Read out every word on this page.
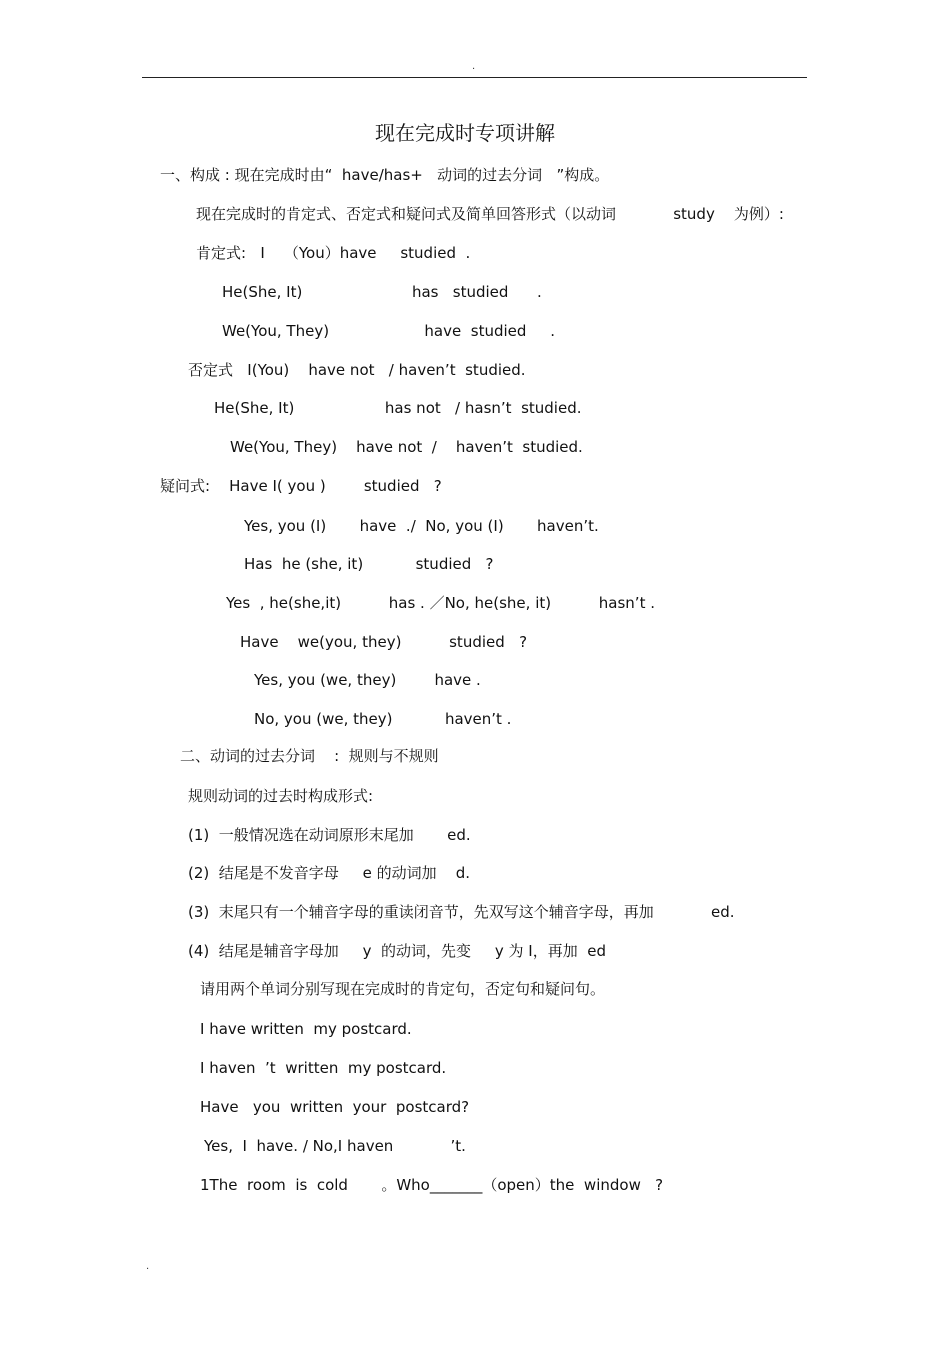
.
现在完成时专项讲解
一、构成 : 现在完成时由“  have/has+   动词的过去分词   ”构成。
现在完成时的肯定式、否定式和疑问式及简单回答形式（以动词            study    为例）:
肯定式:   I    （You）have     studied  .
He(She, It)                       has   studied      .
We(You, They)                    have  studied     .
否定式   I(You)    have not   / haven’t  studied.
He(She, It)                   has not   / hasn’t  studied.
We(You, They)    have not  /    haven’t  studied.
疑问式:    Have I( you )        studied   ?
Yes, you (I)       have  ./  No, you (I)       haven’t.
Has  he (she, it)           studied   ?
Yes  , he(she,it)          has . ／No, he(she, it)          hasn’t .
Have    we(you, they)          studied   ?
Yes, you (we, they)        have .
No, you (we, they)           haven’t .
二、动词的过去分词    :  规则与不规则
规则动词的过去时构成形式:
(1)  一般情况选在动词原形末尾加       ed.
(2)  结尾是不发音字母     e 的动词加    d.
(3)  末尾只有一个辅音字母的重读闭音节，先双写这个辅音字母，再加            ed.
(4)  结尾是辅音字母加     y  的动词，先变     y 为 I，再加  ed
请用两个单词分别写现在完成时的肯定句，否定句和疑问句。
I have written  my postcard.
I haven  ’t  written  my postcard.
Have   you  written  your  postcard?
Yes,  I  have. / No,I haven            ’t.
1The  room  is  cold       。Who_______（open）the  window   ?
.
